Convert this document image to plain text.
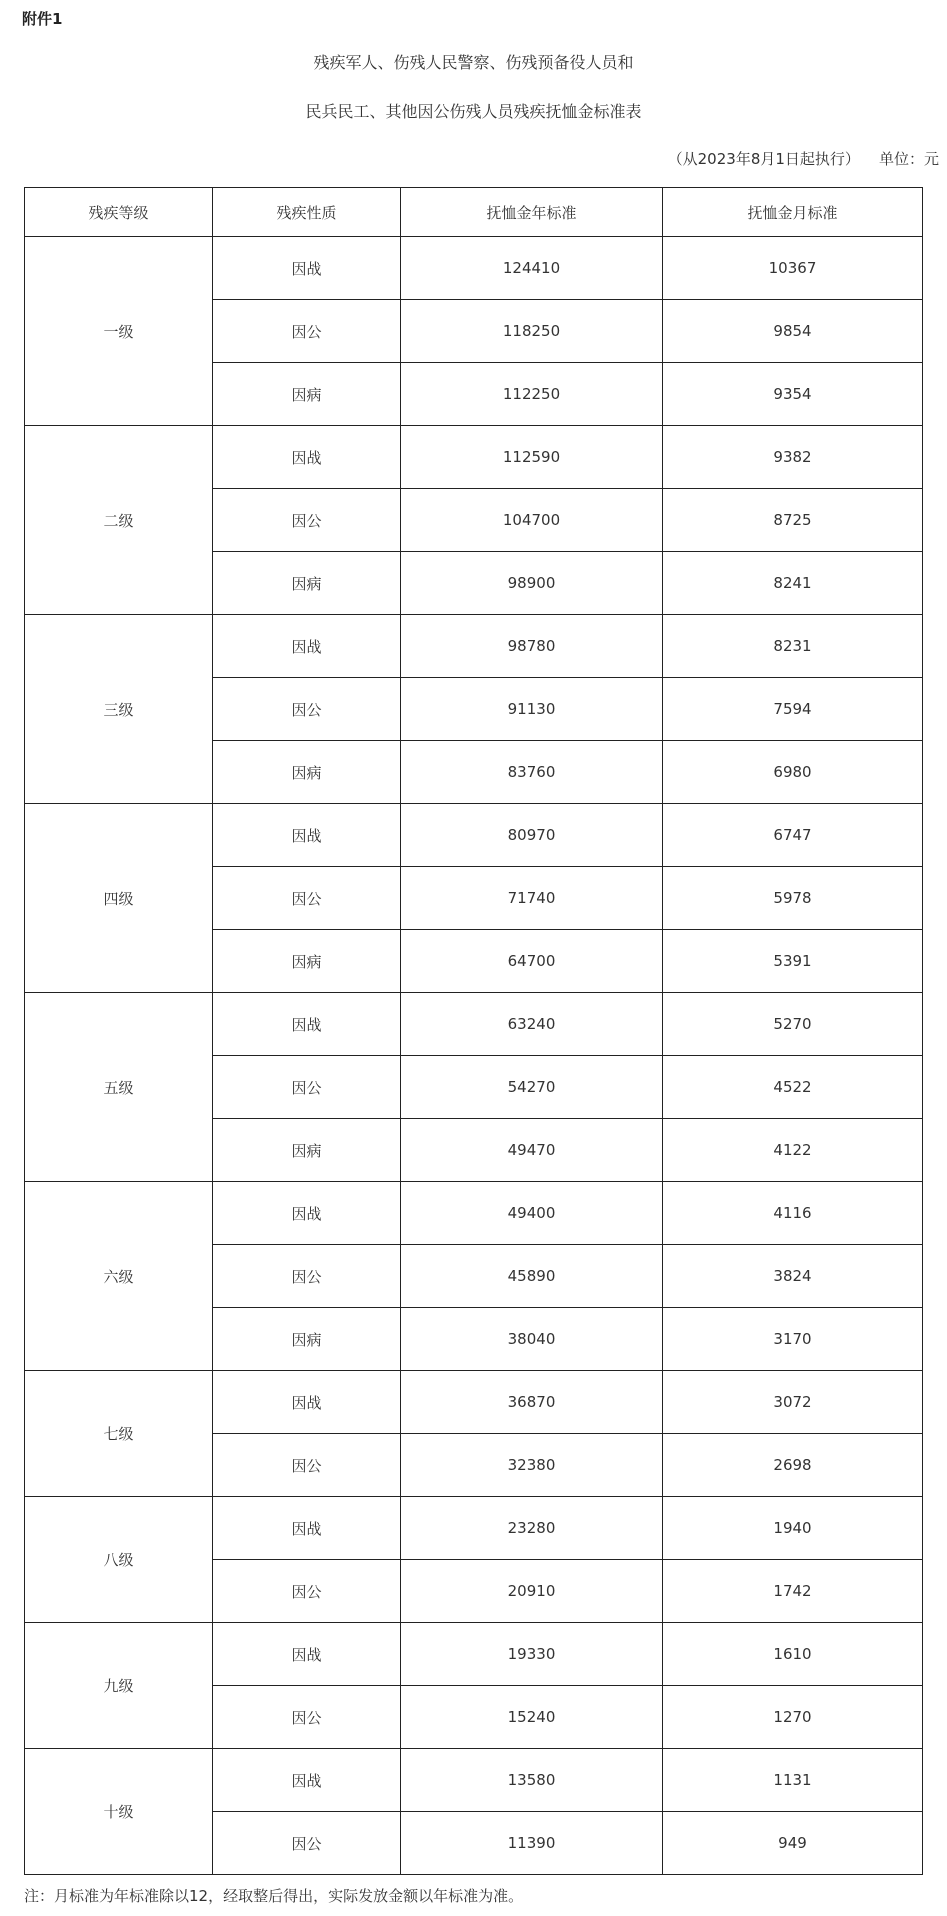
附件1
残疾军人、伤残人民警察、伤残预备役人员和
民兵民工、其他因公伤残人员残疾抚恤金标准表
（从2023年8月1日起执行） 单位：元
残疾等级	残疾性质	抚恤金年标准	抚恤金月标准
一级	因战	124410	10367
	因公	118250	9854
	因病	112250	9354
二级	因战	112590	9382
	因公	104700	8725
	因病	98900	8241
三级	因战	98780	8231
	因公	91130	7594
	因病	83760	6980
四级	因战	80970	6747
	因公	71740	5978
	因病	64700	5391
五级	因战	63240	5270
	因公	54270	4522
	因病	49470	4122
六级	因战	49400	4116
	因公	45890	3824
	因病	38040	3170
七级	因战	36870	3072
	因公	32380	2698
八级	因战	23280	1940
	因公	20910	1742
九级	因战	19330	1610
	因公	15240	1270
十级	因战	13580	1131
	因公	11390	949
注：月标准为年标准除以12，经取整后得出，实际发放金额以年标准为准。
